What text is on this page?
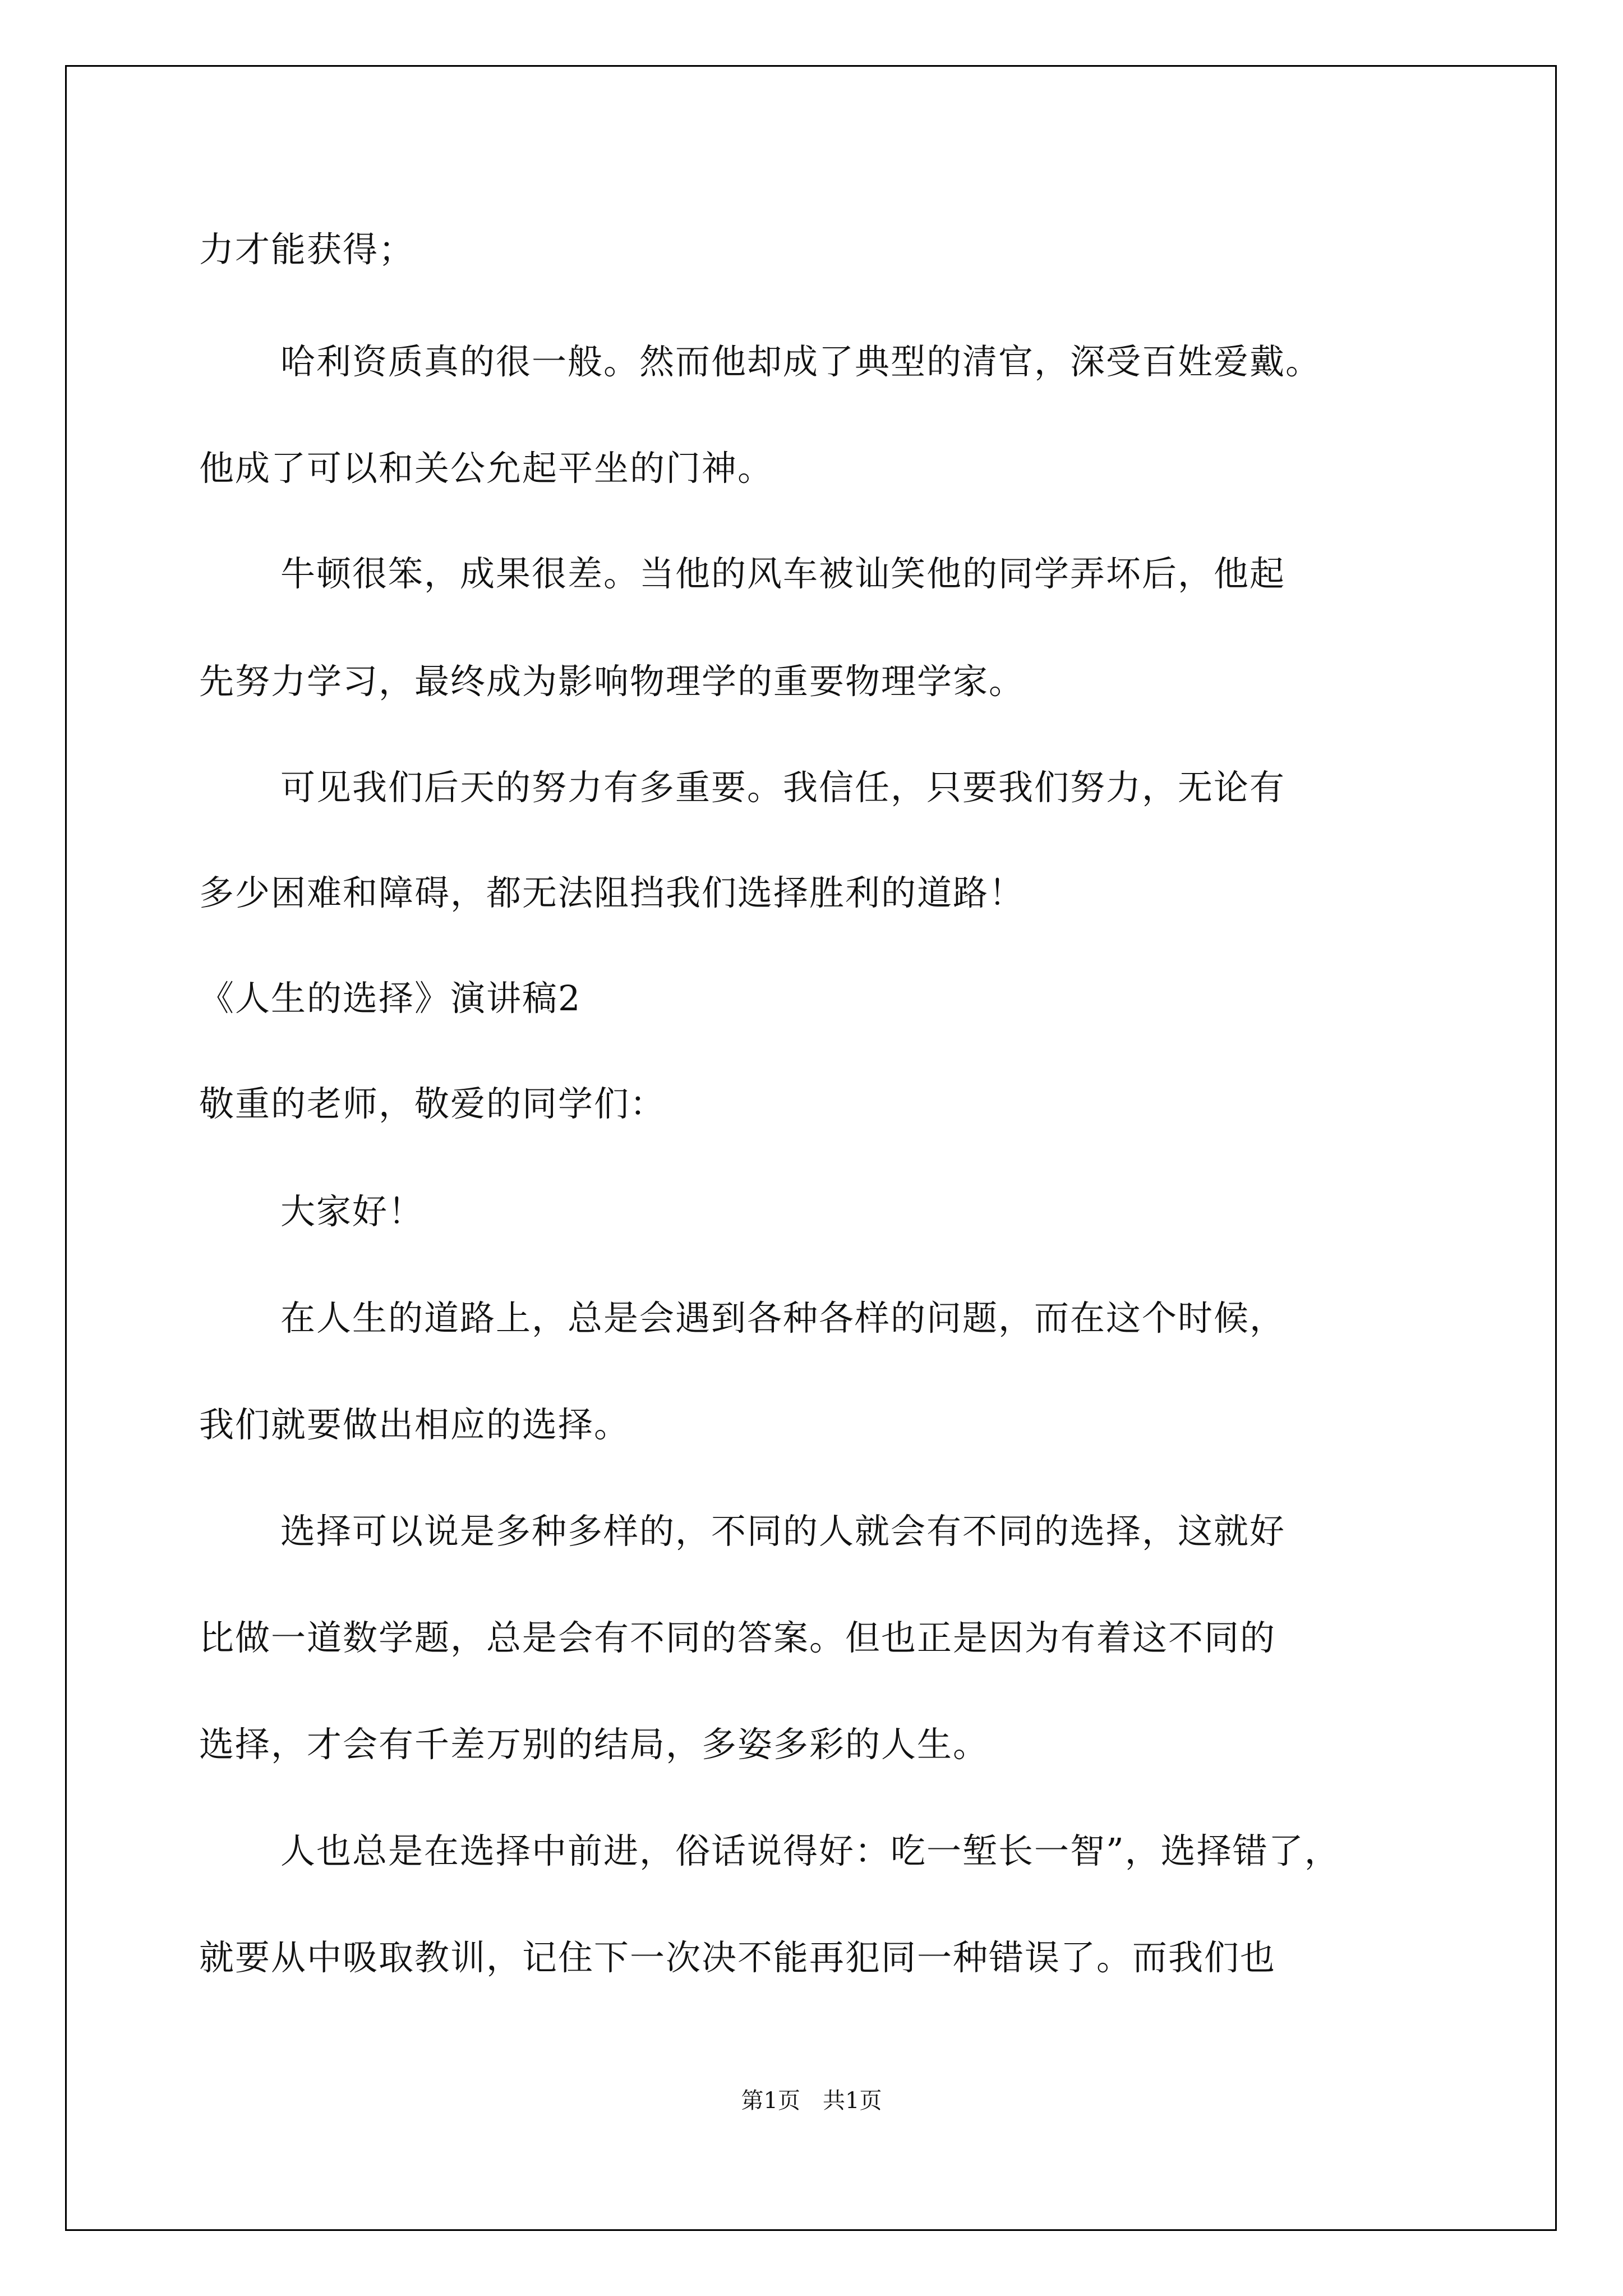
力才能获得；
哈利资质真的很一般。然而他却成了典型的清官，深受百姓爱戴。
他成了可以和关公允起平坐的门神。
牛顿很笨，成果很差。当他的风车被讪笑他的同学弄坏后，他起
先努力学习，最终成为影响物理学的重要物理学家。
可见我们后天的努力有多重要。我信任，只要我们努力，无论有
多少困难和障碍，都无法阻挡我们选择胜利的道路！
《人生的选择》演讲稿2
敬重的老师，敬爱的同学们：
大家好！
在人生的道路上，总是会遇到各种各样的问题，而在这个时候，
我们就要做出相应的选择。
选择可以说是多种多样的，不同的人就会有不同的选择，这就好
比做一道数学题，总是会有不同的答案。但也正是因为有着这不同的
选择，才会有千差万别的结局，多姿多彩的人生。
人也总是在选择中前进，俗话说得好：吃一堑长一智”，选择错了，
就要从中吸取教训，记住下一次决不能再犯同一种错误了。而我们也
第1页　共1页
